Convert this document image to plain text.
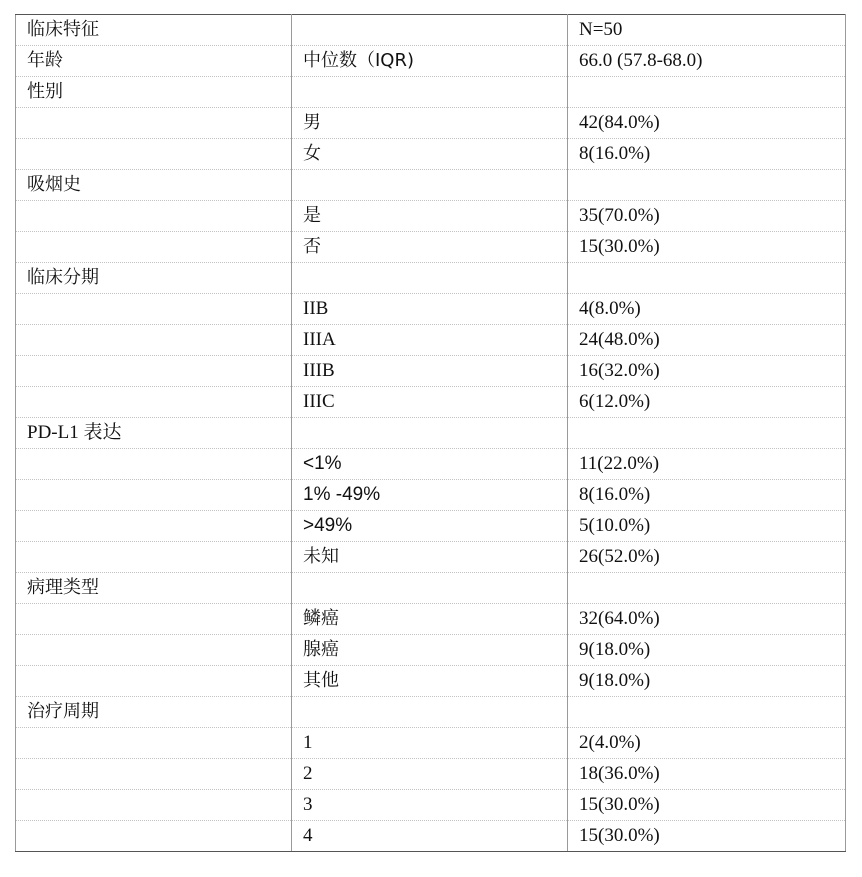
临床特征		N=50
年龄	中位数（IQR)	66.0 (57.8-68.0)
性别		
	男	42(84.0%)
	女	8(16.0%)
吸烟史		
	是	35(70.0%)
	否	15(30.0%)
临床分期		
	IIB	4(8.0%)
	IIIA	24(48.0%)
	IIIB	16(32.0%)
	IIIC	6(12.0%)
PD-L1 表达		
	<1%	11(22.0%)
	1% -49%	8(16.0%)
	>49%	5(10.0%)
	未知	26(52.0%)
病理类型		
	鳞癌	32(64.0%)
	腺癌	9(18.0%)
	其他	9(18.0%)
治疗周期		
	1	2(4.0%)
	2	18(36.0%)
	3	15(30.0%)
	4	15(30.0%)
